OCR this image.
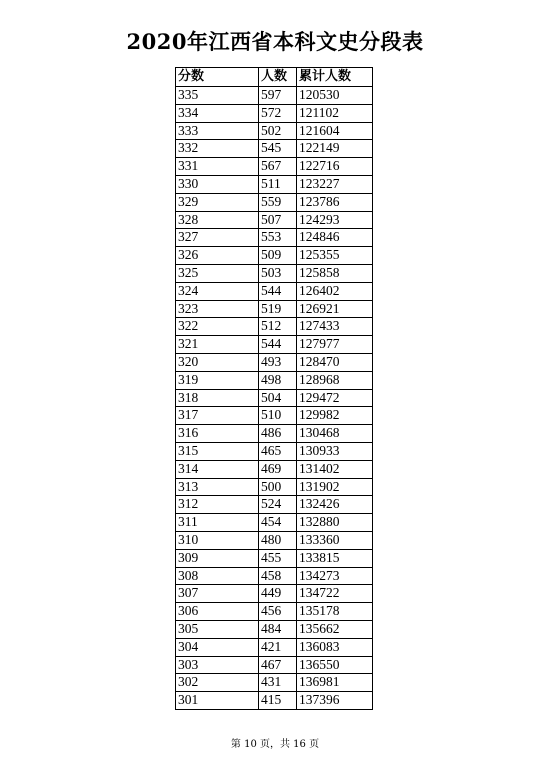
2020年江西省本科文史分段表
分数	人数	累计人数
335	597	120530
334	572	121102
333	502	121604
332	545	122149
331	567	122716
330	511	123227
329	559	123786
328	507	124293
327	553	124846
326	509	125355
325	503	125858
324	544	126402
323	519	126921
322	512	127433
321	544	127977
320	493	128470
319	498	128968
318	504	129472
317	510	129982
316	486	130468
315	465	130933
314	469	131402
313	500	131902
312	524	132426
311	454	132880
310	480	133360
309	455	133815
308	458	134273
307	449	134722
306	456	135178
305	484	135662
304	421	136083
303	467	136550
302	431	136981
301	415	137396
第 10 页，共 16 页
